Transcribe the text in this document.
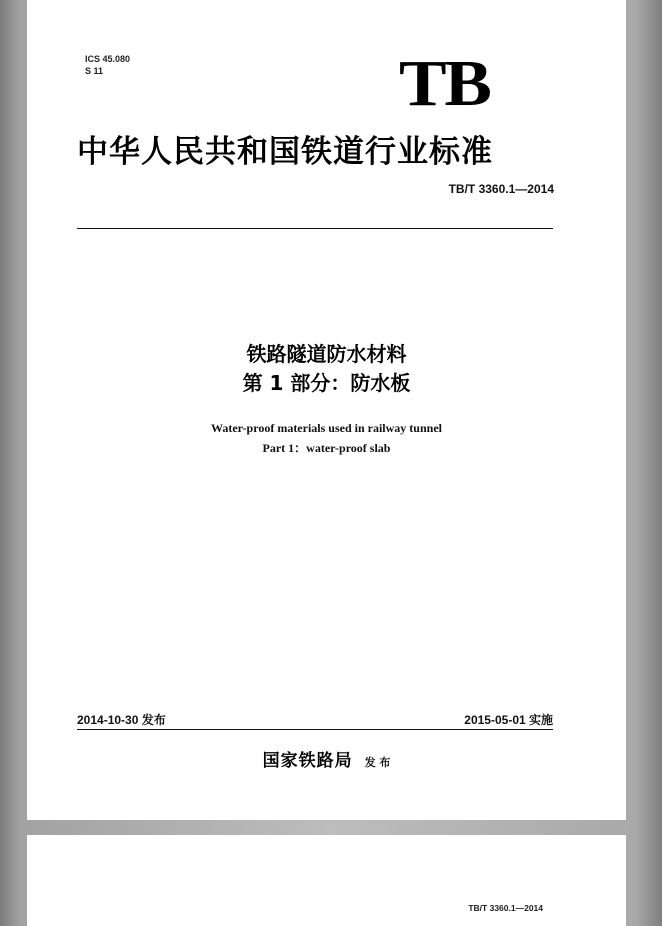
ICS 45.080
S 11	TB
中华人民共和国铁道行业标准
TB/T 3360.1—2014
铁路隧道防水材料
第 1 部分：防水板
Water-proof materials used in railway tunnel
Part 1：water-proof slab
2014-10-30 发布	2015-05-01 实施
国家铁路局 发 布
TB/T 3360.1—2014
